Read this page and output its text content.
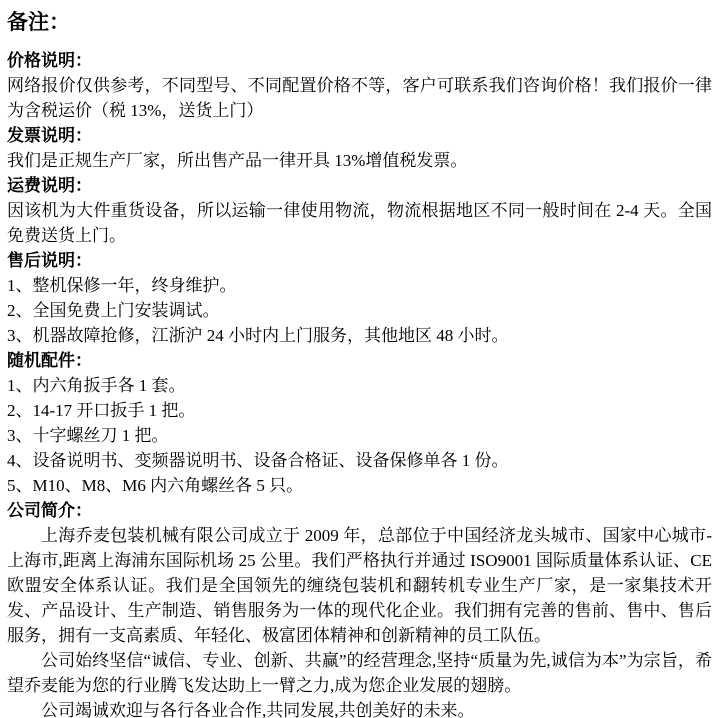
备注：
价格说明：

网络报价仅供参考，不同型号、不同配置价格不等，客户可联系我们咨询价格！我们报价一律为含税运价（税 13%，送货上门）

发票说明：

我们是正规生产厂家，所出售产品一律开具 13%增值税发票。

运费说明：

因该机为大件重货设备，所以运输一律使用物流，物流根据地区不同一般时间在 2-4 天。全国免费送货上门。

售后说明：

1、整机保修一年，终身维护。

2、全国免费上门安装调试。

3、机器故障抢修，江浙沪 24 小时内上门服务，其他地区 48 小时。

随机配件：

1、内六角扳手各 1 套。

2、14-17 开口扳手 1 把。

3、十字螺丝刀 1 把。

4、设备说明书、变频器说明书、设备合格证、设备保修单各 1 份。

5、M10、M8、M6 内六角螺丝各 5 只。

公司简介：

上海乔麦包装机械有限公司成立于 2009 年，总部位于中国经济龙头城市、国家中心城市-上海市,距离上海浦东国际机场 25 公里。我们严格执行并通过 ISO9001 国际质量体系认证、CE 欧盟安全体系认证。我们是全国领先的缠绕包装机和翻转机专业生产厂家，是一家集技术开发、产品设计、生产制造、销售服务为一体的现代化企业。我们拥有完善的售前、售中、售后服务，拥有一支高素质、年轻化、极富团体精神和创新精神的员工队伍。

公司始终坚信“诚信、专业、创新、共赢”的经营理念,坚持“质量为先,诚信为本”为宗旨，希望乔麦能为您的行业腾飞发达助上一臂之力,成为您企业发展的翅膀。

公司竭诚欢迎与各行各业合作,共同发展,共创美好的未来。
